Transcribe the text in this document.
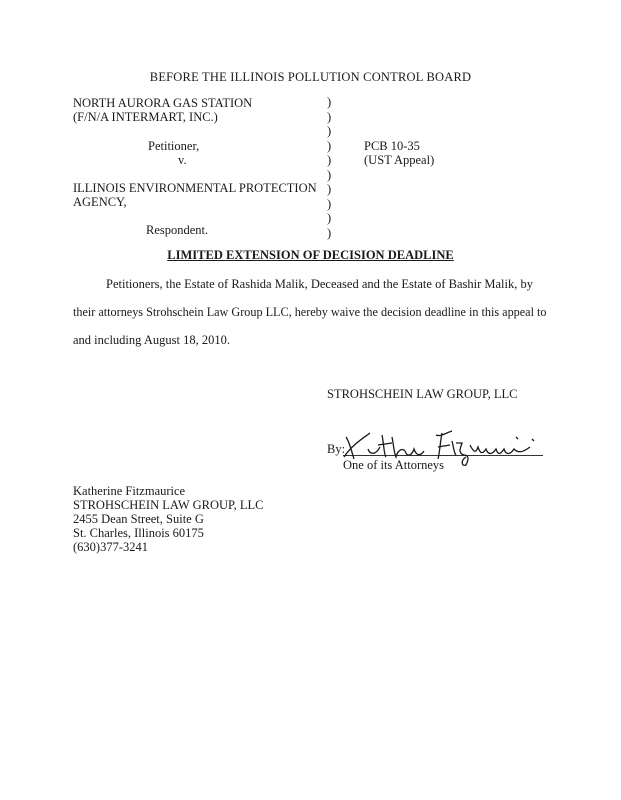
BEFORE THE ILLINOIS POLLUTION CONTROL BOARD
NORTH AURORA GAS STATION
(F/N/A INTERMART, INC.)
Petitioner,
v.
ILLINOIS ENVIRONMENTAL PROTECTION
AGENCY,
Respondent.
)
)
)
)
)
)
)
)
)
)
PCB 10-35
(UST Appeal)
LIMITED EXTENSION OF DECISION DEADLINE
Petitioners, the Estate of Rashida Malik, Deceased and the Estate of Bashir Malik, by
their attorneys Strohschein Law Group LLC, hereby waive the decision deadline in this appeal to
and including August 18, 2010.
STROHSCHEIN LAW GROUP, LLC
By:
One of its Attorneys
Katherine Fitzmaurice
STROHSCHEIN LAW GROUP, LLC
2455 Dean Street, Suite G
St. Charles, Illinois 60175
(630)377-3241
